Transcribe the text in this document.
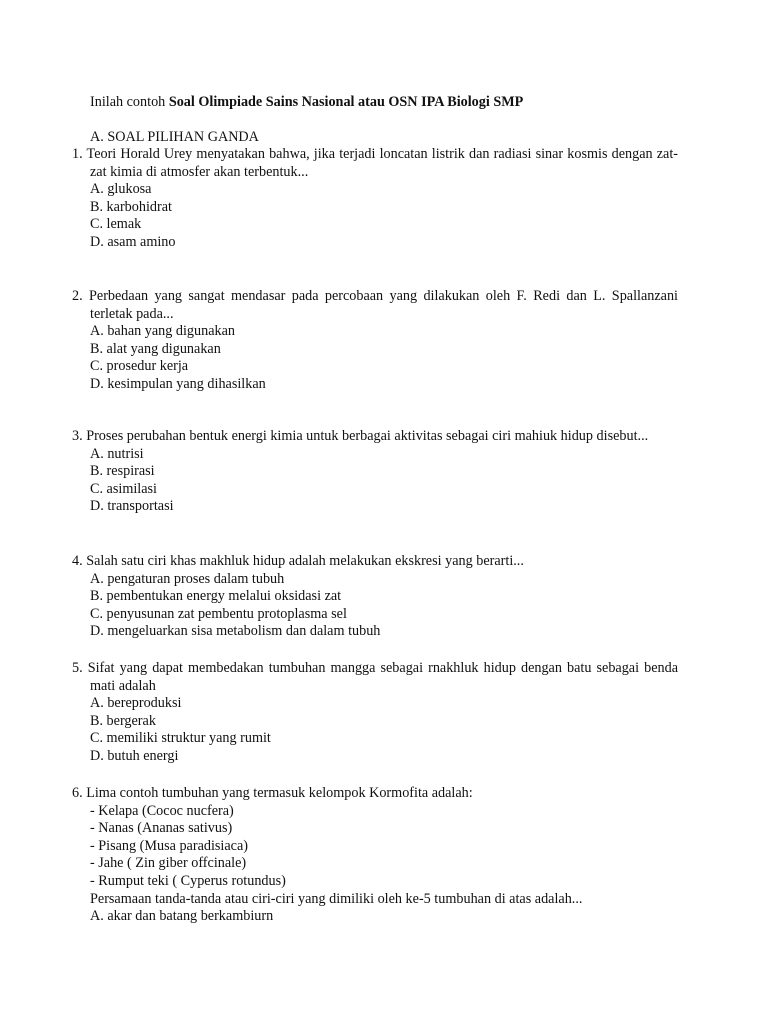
Inilah contoh Soal Olimpiade Sains Nasional atau OSN IPA Biologi SMP
A. SOAL PILIHAN GANDA
1. Teori Horald Urey menyatakan bahwa, jika terjadi loncatan listrik dan radiasi sinar kosmis dengan zat-zat kimia di atmosfer akan terbentuk...
A. glukosa
B. karbohidrat
C. lemak
D. asam amino
2. Perbedaan yang sangat mendasar pada percobaan yang dilakukan oleh F. Redi dan L. Spallanzani terletak pada...
A. bahan yang digunakan
B. alat yang digunakan
C. prosedur kerja
D. kesimpulan yang dihasilkan
3. Proses perubahan bentuk energi kimia untuk berbagai aktivitas sebagai ciri mahiuk hidup disebut...
A. nutrisi
B. respirasi
C. asimilasi
D. transportasi
4. Salah satu ciri khas makhluk hidup adalah melakukan ekskresi yang berarti...
A. pengaturan proses dalam tubuh
B. pembentukan energy melalui oksidasi zat
C. penyusunan zat pembentu protoplasma sel
D. mengeluarkan sisa metabolism dan dalam tubuh
5. Sifat yang dapat membedakan tumbuhan mangga sebagai rnakhluk hidup dengan batu sebagai benda mati adalah
A. bereproduksi
B. bergerak
C. memiliki struktur yang rumit
D. butuh energi
6. Lima contoh tumbuhan yang termasuk kelompok Kormofita adalah:
- Kelapa (Cococ nucfera)
- Nanas (Ananas sativus)
- Pisang (Musa paradisiaca)
- Jahe ( Zin giber offcinale)
- Rumput teki ( Cyperus rotundus)
Persamaan tanda-tanda atau ciri-ciri yang dimiliki oleh ke-5 tumbuhan di atas adalah...
A. akar dan batang berkambiurn
